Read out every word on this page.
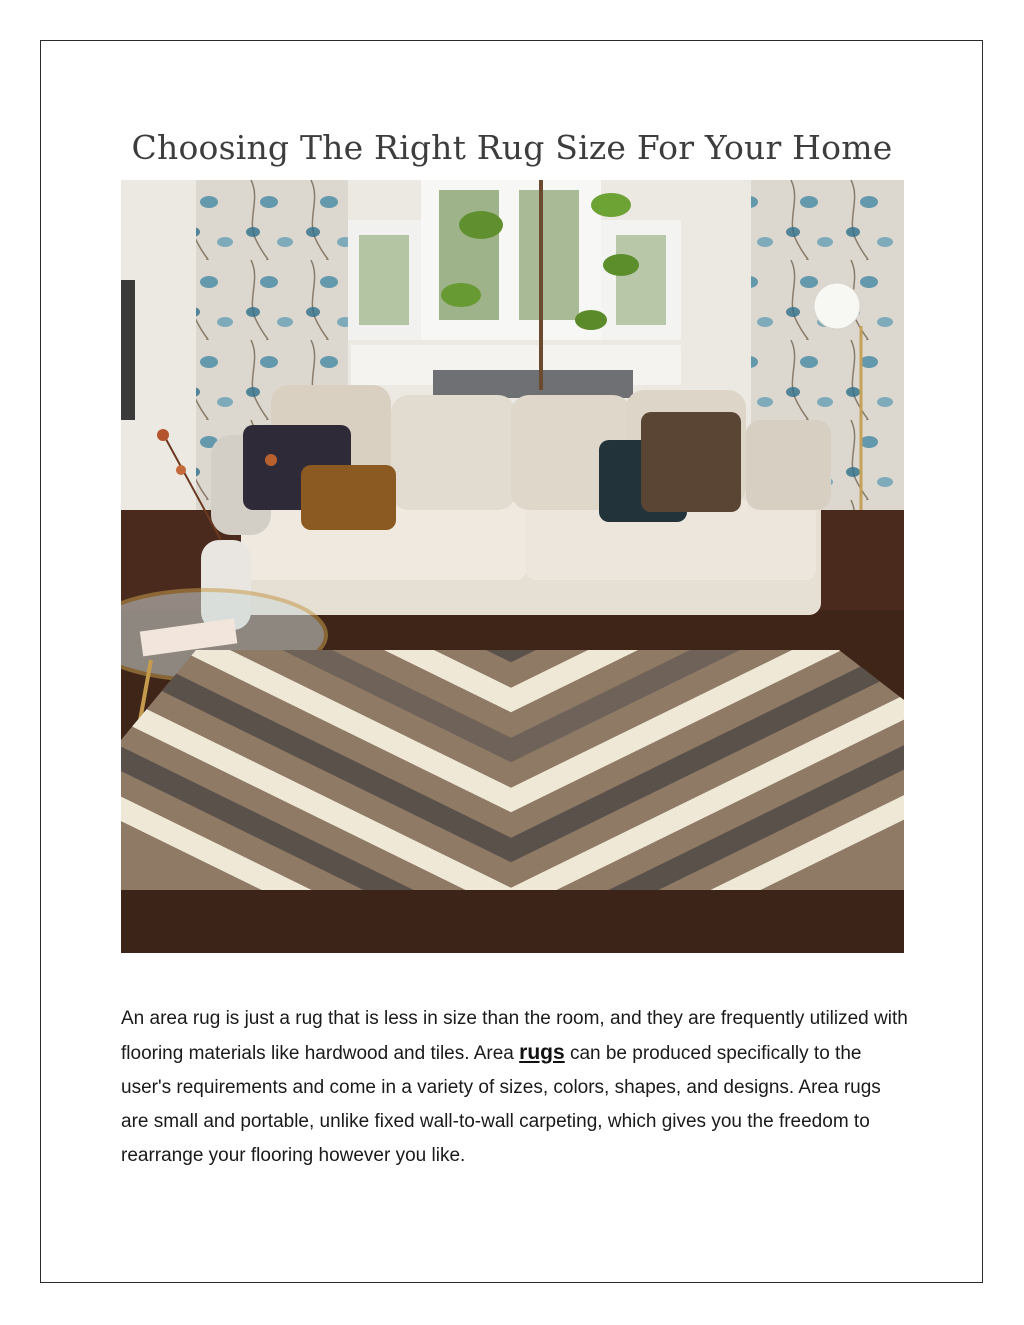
Choosing The Right Rug Size For Your Home

An area rug is just a rug that is less in size than the room, and they are frequently utilized with flooring materials like hardwood and tiles. Area rugs can be produced specifically to the user's requirements and come in a variety of sizes, colors, shapes, and designs. Area rugs are small and portable, unlike fixed wall-to-wall carpeting, which gives you the freedom to rearrange your flooring however you like.
